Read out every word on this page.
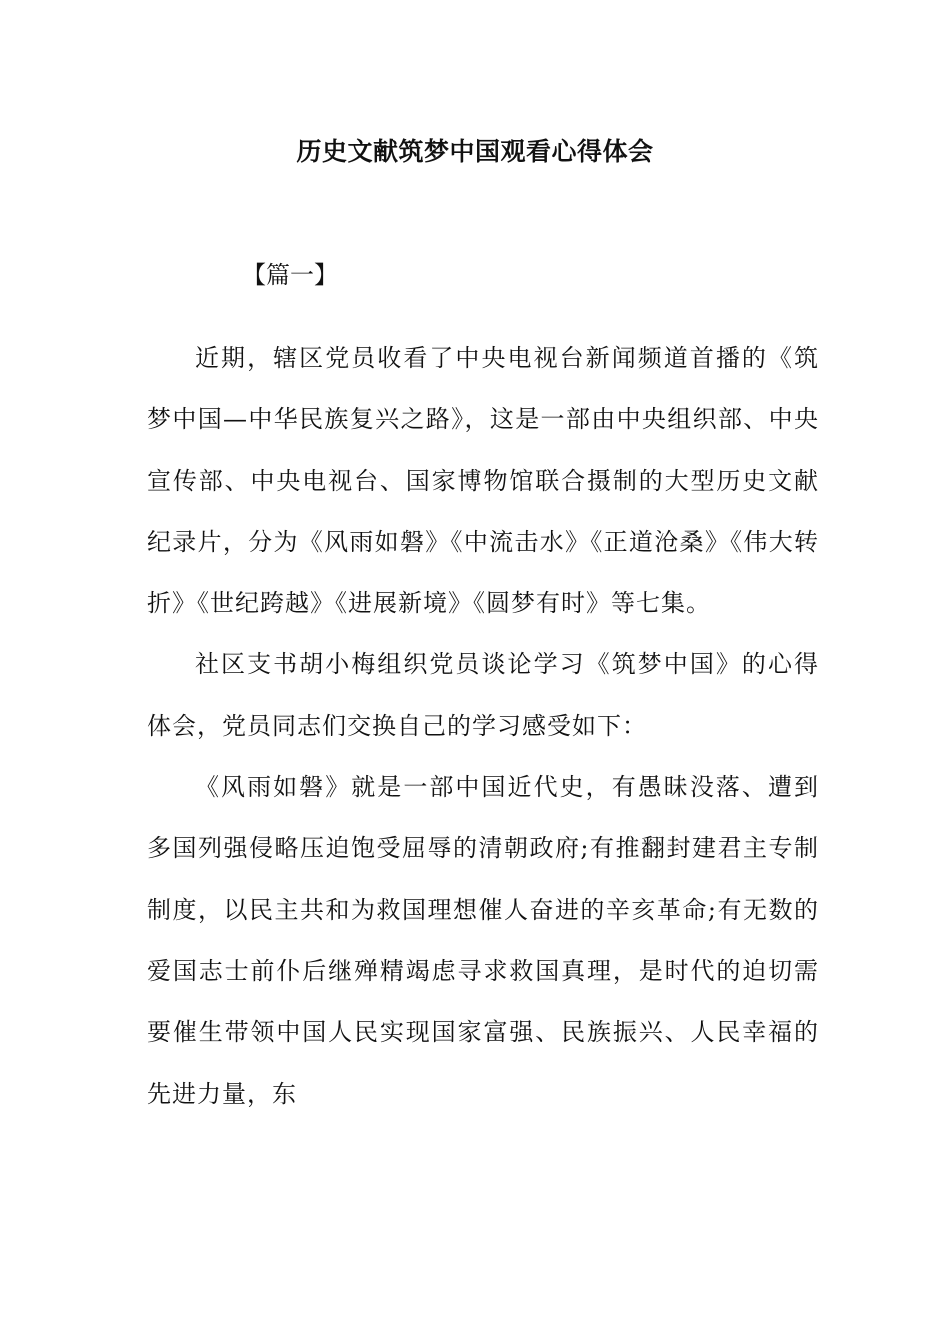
历史文献筑梦中国观看心得体会
【篇一】

近期，辖区党员收看了中央电视台新闻频道首播的《筑梦中国—中华民族复兴之路》，这是一部由中央组织部、中央宣传部、中央电视台、国家博物馆联合摄制的大型历史文献纪录片，分为《风雨如磐》《中流击水》《正道沧桑》《伟大转折》《世纪跨越》《进展新境》《圆梦有时》等七集。

社区支书胡小梅组织党员谈论学习《筑梦中国》的心得体会，党员同志们交换自己的学习感受如下：

《风雨如磐》就是一部中国近代史，有愚昧没落、遭到多国列强侵略压迫饱受屈辱的清朝政府;有推翻封建君主专制制度，以民主共和为救国理想催人奋进的辛亥革命;有无数的爱国志士前仆后继殚精竭虑寻求救国真理，是时代的迫切需要催生带领中国人民实现国家富强、民族振兴、人民幸福的先进力量，东
